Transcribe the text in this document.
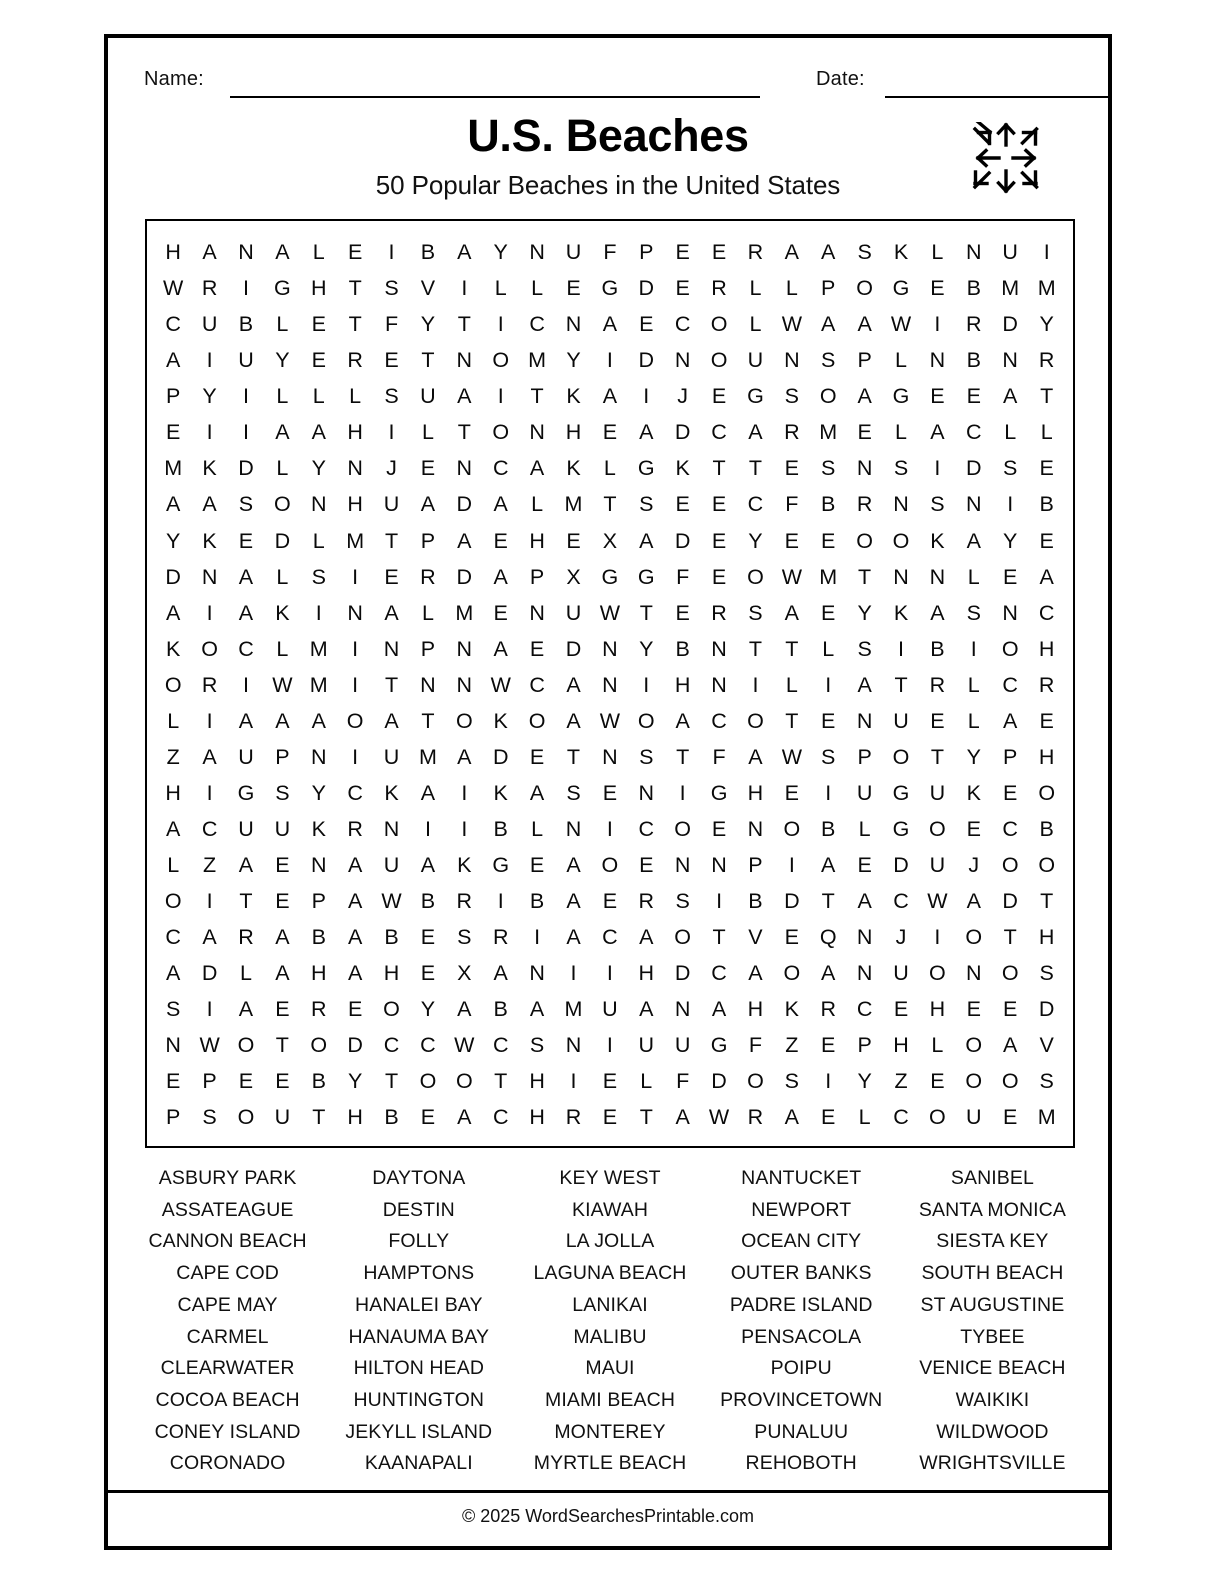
Name:	Date:
U.S. Beaches
50 Popular Beaches in the United States
H	A	N	A	L	E	I	B	A	Y	N	U	F	P	E	E	R	A	A	S	K	L	N	U	I
W	R	I	G	H	T	S	V	I	L	L	E	G	D	E	R	L	L	P	O	G	E	B	M	M
C	U	B	L	E	T	F	Y	T	I	C	N	A	E	C	O	L	W	A	A	W	I	R	D	Y
A	I	U	Y	E	R	E	T	N	O	M	Y	I	D	N	O	U	N	S	P	L	N	B	N	R
P	Y	I	L	L	L	S	U	A	I	T	K	A	I	J	E	G	S	O	A	G	E	E	A	T
E	I	I	A	A	H	I	L	T	O	N	H	E	A	D	C	A	R	M	E	L	A	C	L	L
M	K	D	L	Y	N	J	E	N	C	A	K	L	G	K	T	T	E	S	N	S	I	D	S	E
A	A	S	O	N	H	U	A	D	A	L	M	T	S	E	E	C	F	B	R	N	S	N	I	B
Y	K	E	D	L	M	T	P	A	E	H	E	X	A	D	E	Y	E	E	O	O	K	A	Y	E
D	N	A	L	S	I	E	R	D	A	P	X	G	G	F	E	O	W	M	T	N	N	L	E	A
A	I	A	K	I	N	A	L	M	E	N	U	W	T	E	R	S	A	E	Y	K	A	S	N	C
K	O	C	L	M	I	N	P	N	A	E	D	N	Y	B	N	T	T	L	S	I	B	I	O	H
O	R	I	W	M	I	T	N	N	W	C	A	N	I	H	N	I	L	I	A	T	R	L	C	R
L	I	A	A	A	O	A	T	O	K	O	A	W	O	A	C	O	T	E	N	U	E	L	A	E
Z	A	U	P	N	I	U	M	A	D	E	T	N	S	T	F	A	W	S	P	O	T	Y	P	H
H	I	G	S	Y	C	K	A	I	K	A	S	E	N	I	G	H	E	I	U	G	U	K	E	O
A	C	U	U	K	R	N	I	I	B	L	N	I	C	O	E	N	O	B	L	G	O	E	C	B
L	Z	A	E	N	A	U	A	K	G	E	A	O	E	N	N	P	I	A	E	D	U	J	O	O
O	I	T	E	P	A	W	B	R	I	B	A	E	R	S	I	B	D	T	A	C	W	A	D	T
C	A	R	A	B	A	B	E	S	R	I	A	C	A	O	T	V	E	Q	N	J	I	O	T	H
A	D	L	A	H	A	H	E	X	A	N	I	I	H	D	C	A	O	A	N	U	O	N	O	S
S	I	A	E	R	E	O	Y	A	B	A	M	U	A	N	A	H	K	R	C	E	H	E	E	D
N	W	O	T	O	D	C	C	W	C	S	N	I	U	U	G	F	Z	E	P	H	L	O	A	V
E	P	E	E	B	Y	T	O	O	T	H	I	E	L	F	D	O	S	I	Y	Z	E	O	O	S
P	S	O	U	T	H	B	E	A	C	H	R	E	T	A	W	R	A	E	L	C	O	U	E	M
ASBURY PARK
ASSATEAGUE
CANNON BEACH
CAPE COD
CAPE MAY
CARMEL
CLEARWATER
COCOA BEACH
CONEY ISLAND
CORONADO
DAYTONA
DESTIN
FOLLY
HAMPTONS
HANALEI BAY
HANAUMA BAY
HILTON HEAD
HUNTINGTON
JEKYLL ISLAND
KAANAPALI
KEY WEST
KIAWAH
LA JOLLA
LAGUNA BEACH
LANIKAI
MALIBU
MAUI
MIAMI BEACH
MONTEREY
MYRTLE BEACH
NANTUCKET
NEWPORT
OCEAN CITY
OUTER BANKS
PADRE ISLAND
PENSACOLA
POIPU
PROVINCETOWN
PUNALUU
REHOBOTH
SANIBEL
SANTA MONICA
SIESTA KEY
SOUTH BEACH
ST AUGUSTINE
TYBEE
VENICE BEACH
WAIKIKI
WILDWOOD
WRIGHTSVILLE
© 2025 WordSearchesPrintable.com
